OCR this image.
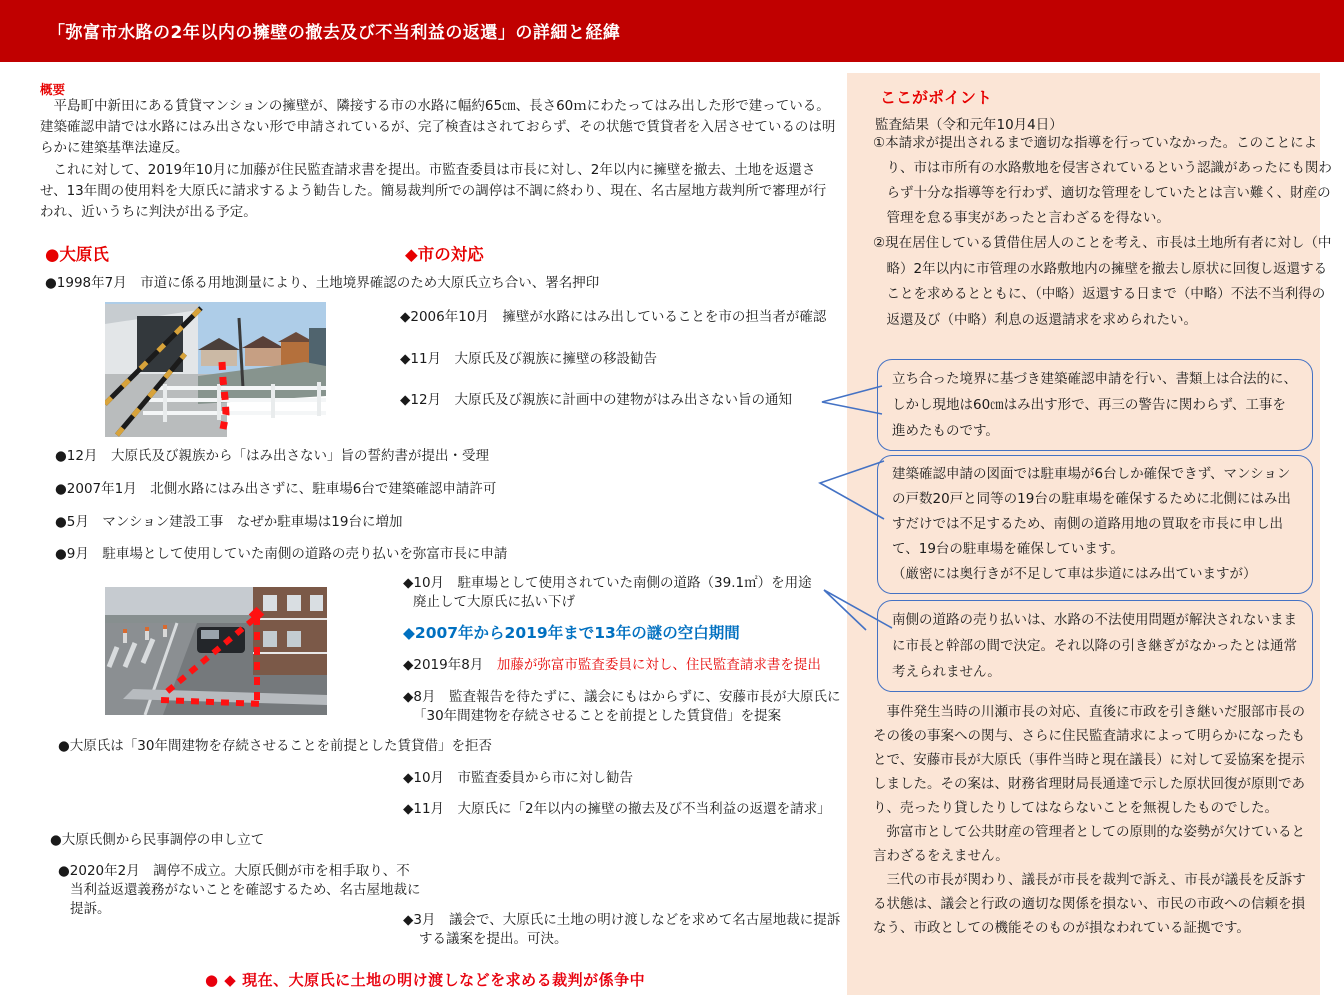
「弥富市水路の2年以内の擁壁の撤去及び不当利益の返還」の詳細と経緯
概要
　平島町中新田にある賃貸マンションの擁壁が、隣接する市の水路に幅約65㎝、長さ60ｍにわたってはみ出した形で建っている。建築確認申請では水路にはみ出さない形で申請されているが、完了検査はされておらず、その状態で賃貸者を入居させているのは明らかに建築基準法違反。
　これに対して、2019年10月に加藤が住民監査請求書を提出。市監査委員は市長に対し、2年以内に擁壁を撤去、土地を返還させ、13年間の使用料を大原氏に請求するよう勧告した。簡易裁判所での調停は不調に終わり、現在、名古屋地方裁判所で審理が行われ、近いうちに判決が出る予定。
●大原氏	◆市の対応
●1998年7月　市道に係る用地測量により、土地境界確認のため大原氏立ち合い、署名押印
◆2006年10月　擁壁が水路にはみ出していることを市の担当者が確認
◆11月　大原氏及び親族に擁壁の移設勧告
◆12月　大原氏及び親族に計画中の建物がはみ出さない旨の通知
●12月　大原氏及び親族から「はみ出さない」旨の誓約書が提出・受理
●2007年1月　北側水路にはみ出さずに、駐車場6台で建築確認申請許可
●5月　マンション建設工事　なぜか駐車場は19台に増加
●9月　駐車場として使用していた南側の道路の売り払いを弥富市長に申請
◆10月　駐車場として使用されていた南側の道路（39.1㎡）を用途廃止して大原氏に払い下げ
◆2007年から2019年まで13年の謎の空白期間
◆2019年8月　加藤が弥富市監査委員に対し、住民監査請求書を提出
◆8月　監査報告を待たずに、議会にもはからずに、安藤市長が大原氏に「30年間建物を存続させることを前提とした賃貸借」を提案
●大原氏は「30年間建物を存続させることを前提とした賃貸借」を拒否
◆10月　市監査委員から市に対し勧告
◆11月　大原氏に「2年以内の擁壁の撤去及び不当利益の返還を請求」
●大原氏側から民事調停の申し立て
●2020年2月　調停不成立。大原氏側が市を相手取り、不当利益返還義務がないことを確認するため、名古屋地裁に提訴。
◆3月　議会で、大原氏に土地の明け渡しなどを求めて名古屋地裁に提訴する議案を提出。可決。
● ◆ 現在、大原氏に土地の明け渡しなどを求める裁判が係争中
ここがポイント
監査結果（令和元年10月4日）
①本請求が提出されるまで適切な指導を行っていなかった。このことにより、市は市所有の水路敷地を侵害されているという認識があったにも関わらず十分な指導等を行わず、適切な管理をしていたとは言い難く、財産の管理を怠る事実があったと言わざるを得ない。
②現在居住している賃借住居人のことを考え、市長は土地所有者に対し（中略）2年以内に市管理の水路敷地内の擁壁を撤去し原状に回復し返還することを求めるとともに、（中略）返還する日まで（中略）不法不当利得の返還及び（中略）利息の返還請求を求められたい。
立ち合った境界に基づき建築確認申請を行い、書類上は合法的に、しかし現地は60㎝はみ出す形で、再三の警告に関わらず、工事を進めたものです。
建築確認申請の図面では駐車場が6台しか確保できず、マンションの戸数20戸と同等の19台の駐車場を確保するために北側にはみ出すだけでは不足するため、南側の道路用地の買取を市長に申し出て、19台の駐車場を確保しています。
（厳密には奥行きが不足して車は歩道にはみ出ていますが）
南側の道路の売り払いは、水路の不法使用問題が解決されないままに市長と幹部の間で決定。それ以降の引き継ぎがなかったとは通常考えられません。

　事件発生当時の川瀬市長の対応、直後に市政を引き継いだ服部市長のその後の事案への関与、さらに住民監査請求によって明らかになったもとで、安藤市長が大原氏（事件当時と現在議長）に対して妥協案を提示しました。その案は、財務省理財局長通達で示した原状回復が原則であり、売ったり貸したりしてはならないことを無視したものでした。

　弥富市として公共財産の管理者としての原則的な姿勢が欠けていると言わざるをえません。

　三代の市長が関わり、議長が市長を裁判で訴え、市長が議長を反訴する状態は、議会と行政の適切な関係を損ない、市民の市政への信頼を損なう、市政としての機能そのものが損なわれている証拠です。
